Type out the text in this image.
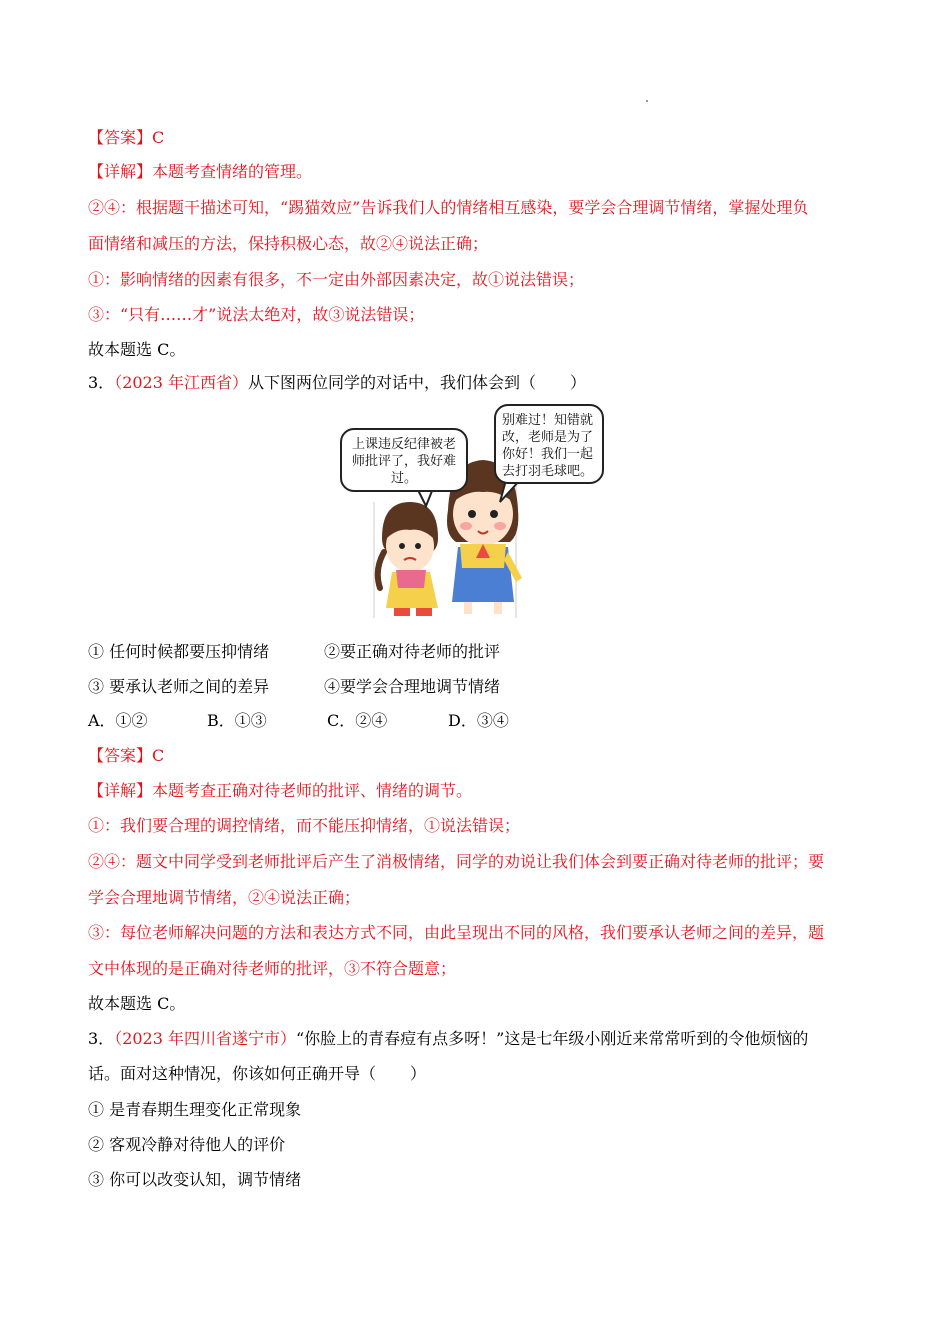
【答案】C
【详解】本题考查情绪的管理。
②④：根据题干描述可知，“踢猫效应”告诉我们人的情绪相互感染，要学会合理调节情绪，掌握处理负
面情绪和减压的方法，保持积极心态，故②④说法正确；
①：影响情绪的因素有很多，不一定由外部因素决定，故①说法错误；
③：“只有……才”说法太绝对，故③说法错误；
故本题选 C。
3．（2023 年江西省）从下图两位同学的对话中，我们体会到（ ）
上课违反纪律被老师批评了，我好难过。
别难过！知错就改，老师是为了你好！我们一起去打羽毛球吧。
① 任何时候都要压抑情绪	②要正确对待老师的批评
③ 要承认老师之间的差异	④要学会合理地调节情绪
A．①②	B．①③	C．②④	D．③④
【答案】C
【详解】本题考查正确对待老师的批评、情绪的调节。
①：我们要合理的调控情绪，而不能压抑情绪，①说法错误；
②④：题文中同学受到老师批评后产生了消极情绪，同学的劝说让我们体会到要正确对待老师的批评；要
学会合理地调节情绪，②④说法正确；
③：每位老师解决问题的方法和表达方式不同，由此呈现出不同的风格，我们要承认老师之间的差异，题
文中体现的是正确对待老师的批评，③不符合题意；
故本题选 C。
3．（2023 年四川省遂宁市）“你脸上的青春痘有点多呀！”这是七年级小刚近来常常听到的令他烦恼的
话。面对这种情况，你该如何正确开导（ ）
① 是青春期生理变化正常现象
② 客观冷静对待他人的评价
③ 你可以改变认知，调节情绪
